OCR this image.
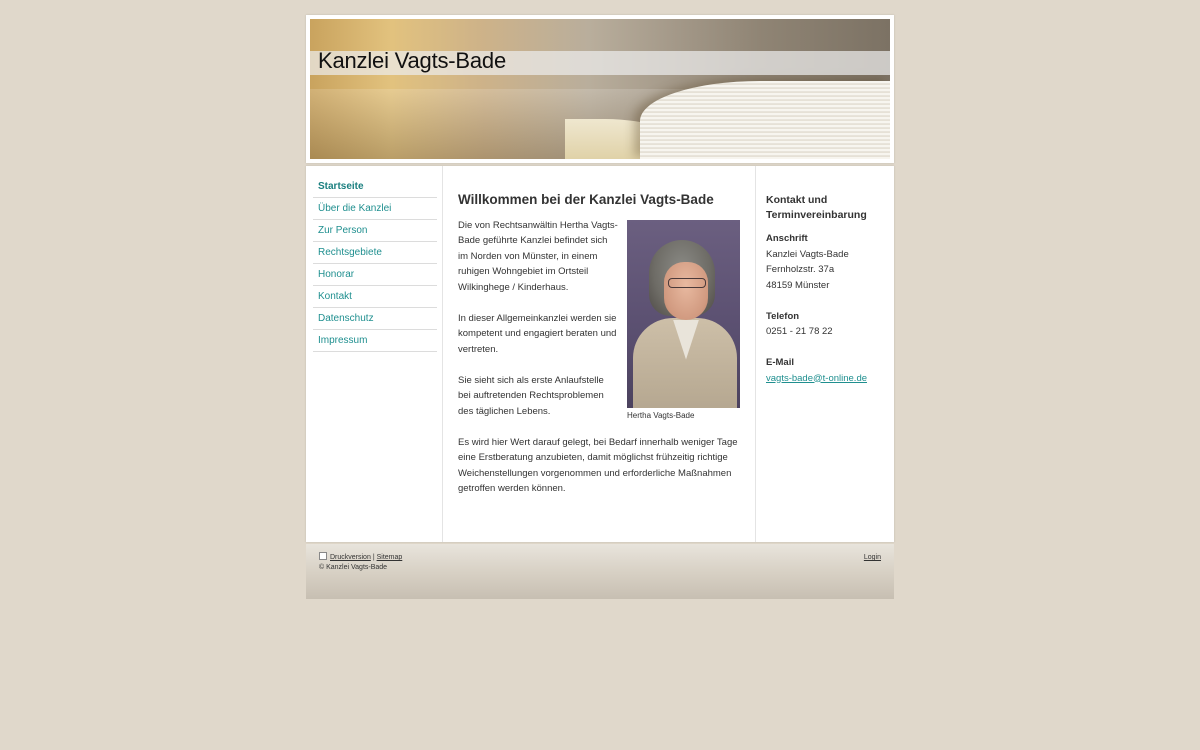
Kanzlei Vagts-Bade
Startseite
Über die Kanzlei
Zur Person
Rechtsgebiete
Honorar
Kontakt
Datenschutz
Impressum
Willkommen bei der Kanzlei Vagts-Bade
Hertha Vagts-Bade

Die von Rechtsanwältin Hertha Vagts-Bade geführte Kanzlei befindet sich im Norden von Münster, in einem ruhigen Wohngebiet im Ortsteil Wilkinghege / Kinderhaus.

In dieser Allgemeinkanzlei werden sie kompetent und engagiert beraten und vertreten.

Sie sieht sich als erste Anlaufstelle bei auftretenden Rechtsproblemen des täglichen Lebens.

Es wird hier Wert darauf gelegt, bei Bedarf innerhalb weniger Tage eine Erstberatung anzubieten, damit möglichst frühzeitig richtige Weichenstellungen vorgenommen und erforderliche Maßnahmen getroffen werden können.

Kontakt und Terminvereinbarung
Anschrift
Kanzlei Vagts-Bade
Fernholzstr. 37a
48159 Münster
Telefon
0251 - 21 78 22
E-Mail
vagts-bade@t-online.de
Druckversion | Sitemap
© Kanzlei Vagts-Bade
Login
